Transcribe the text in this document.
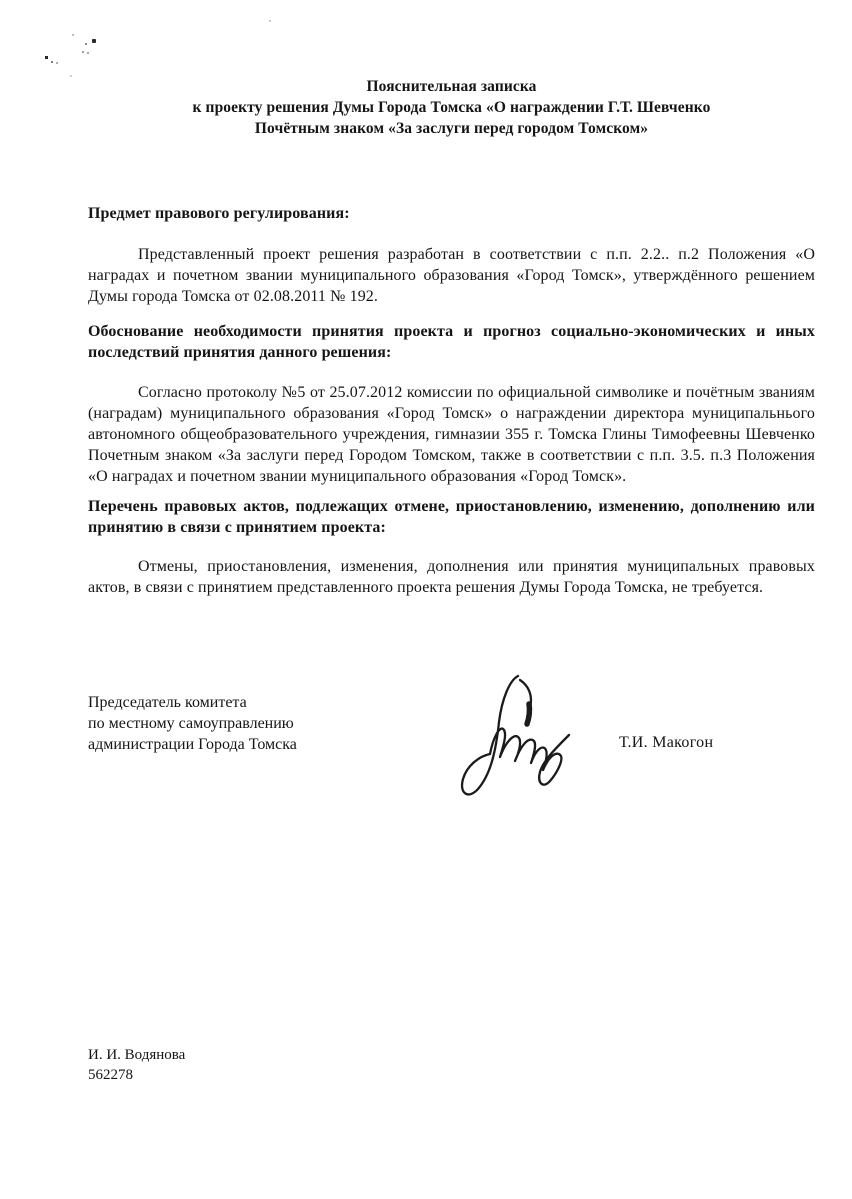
Пояснительная записка
к проекту решения Думы Города Томска «О награждении Г.Т. Шевченко
Почётным знаком «За заслуги перед городом Томском»
Предмет правового регулирования:

Представленный проект решения разработан в соответствии с п.п. 2.2.. п.2 Положения «О наградах и почетном звании муниципального образования «Город Томск», утверждённого решением Думы города Томска от 02.08.2011 № 192.

Обоснование необходимости принятия проекта и прогноз социально-экономических и иных последствий принятия данного решения:

Согласно протоколу №5 от 25.07.2012 комиссии по официальной символике и почётным званиям (наградам) муниципального образования «Город Томск» о награждении директора муниципальнього автономного общеобразовательного учреждения, гимназии 355 г. Томска Глины Тимофеевны Шевченко Почетным знаком «За заслуги перед Городом Томском, также в соответствии с п.п. 3.5. п.3 Положения «О наградах и почетном звании муниципального образования «Город Томск».

Перечень правовых актов, подлежащих отмене, приостановлению, изменению, дополнению или принятию в связи с принятием проекта:

Отмены, приостановления, изменения, дополнения или принятия муниципальных правовых актов, в связи с принятием представленного проекта решения Думы Города Томска, не требуется.

Председатель комитета
по местному самоуправлению
администрации Города Томска	Т.И. Макогон
И. И. Водянова
562278
